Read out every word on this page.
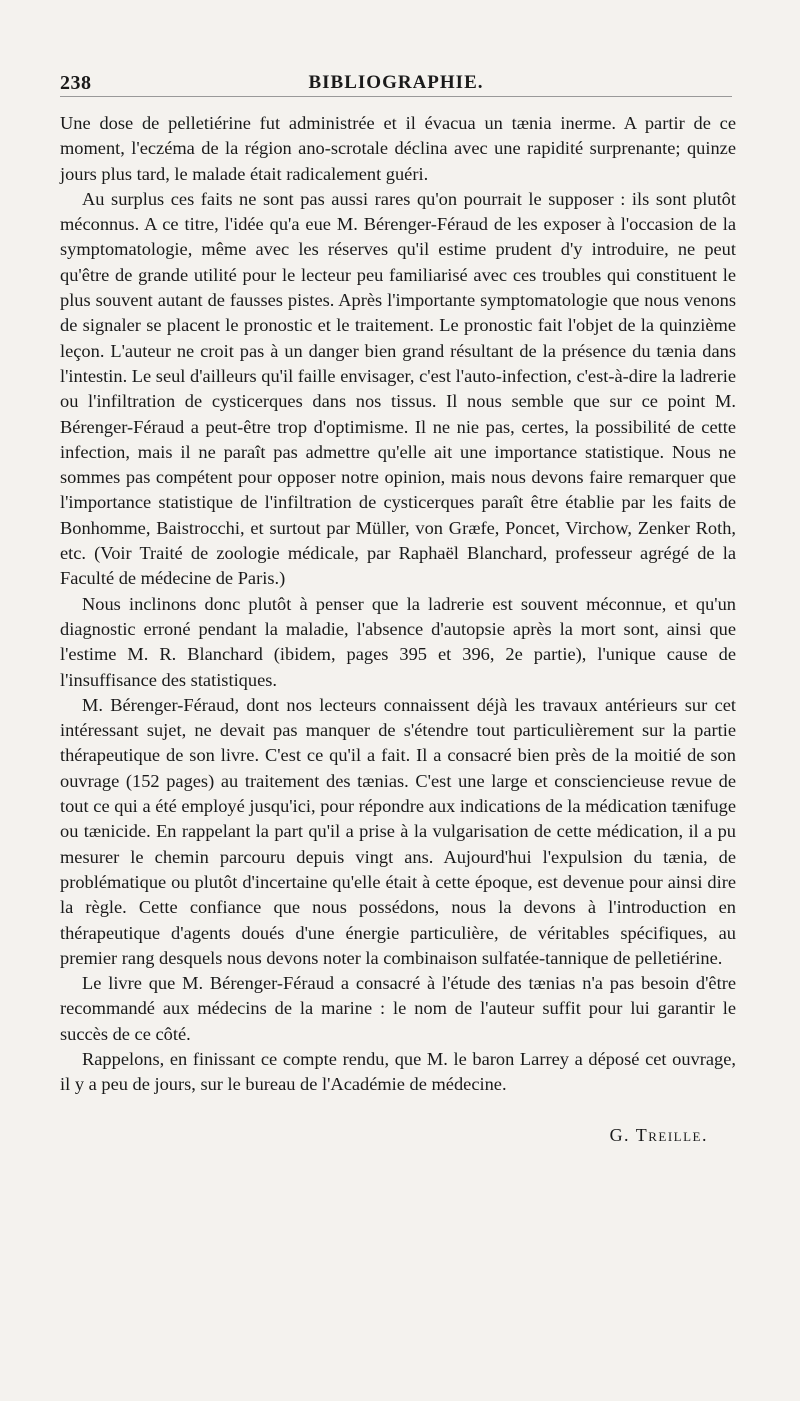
238	BIBLIOGRAPHIE.

Une dose de pelletiérine fut administrée et il évacua un tænia inerme. A partir de ce moment, l'eczéma de la région ano-scrotale déclina avec une rapidité surprenante; quinze jours plus tard, le malade était radicalement guéri.

Au surplus ces faits ne sont pas aussi rares qu'on pourrait le supposer : ils sont plutôt méconnus. A ce titre, l'idée qu'a eue M. Bérenger-Féraud de les exposer à l'occasion de la symptomatologie, même avec les réserves qu'il estime prudent d'y introduire, ne peut qu'être de grande utilité pour le lecteur peu familiarisé avec ces troubles qui constituent le plus souvent autant de fausses pistes. Après l'importante symptomatologie que nous venons de signaler se placent le pronostic et le traitement. Le pronostic fait l'objet de la quinzième leçon. L'auteur ne croit pas à un danger bien grand résultant de la présence du tænia dans l'intestin. Le seul d'ailleurs qu'il faille envisager, c'est l'auto-infection, c'est-à-dire la ladrerie ou l'infiltration de cysticerques dans nos tissus. Il nous semble que sur ce point M. Bérenger-Féraud a peut-être trop d'optimisme. Il ne nie pas, certes, la possibilité de cette infection, mais il ne paraît pas admettre qu'elle ait une importance statistique. Nous ne sommes pas compétent pour opposer notre opinion, mais nous devons faire remarquer que l'importance statistique de l'infiltration de cysticerques paraît être établie par les faits de Bonhomme, Baistrocchi, et surtout par Müller, von Græfe, Poncet, Virchow, Zenker Roth, etc. (Voir Traité de zoologie médicale, par Raphaël Blanchard, professeur agrégé de la Faculté de médecine de Paris.)

Nous inclinons donc plutôt à penser que la ladrerie est souvent méconnue, et qu'un diagnostic erroné pendant la maladie, l'absence d'autopsie après la mort sont, ainsi que l'estime M. R. Blanchard (ibidem, pages 395 et 396, 2e partie), l'unique cause de l'insuffisance des statistiques.

M. Bérenger-Féraud, dont nos lecteurs connaissent déjà les travaux antérieurs sur cet intéressant sujet, ne devait pas manquer de s'étendre tout particulièrement sur la partie thérapeutique de son livre. C'est ce qu'il a fait. Il a consacré bien près de la moitié de son ouvrage (152 pages) au traitement des tænias. C'est une large et consciencieuse revue de tout ce qui a été employé jusqu'ici, pour répondre aux indications de la médication tænifuge ou tænicide. En rappelant la part qu'il a prise à la vulgarisation de cette médication, il a pu mesurer le chemin parcouru depuis vingt ans. Aujourd'hui l'expulsion du tænia, de problématique ou plutôt d'incertaine qu'elle était à cette époque, est devenue pour ainsi dire la règle. Cette confiance que nous possédons, nous la devons à l'introduction en thérapeutique d'agents doués d'une énergie particulière, de véritables spécifiques, au premier rang desquels nous devons noter la combinaison sulfatée-tannique de pelletiérine.

Le livre que M. Bérenger-Féraud a consacré à l'étude des tænias n'a pas besoin d'être recommandé aux médecins de la marine : le nom de l'auteur suffit pour lui garantir le succès de ce côté.

Rappelons, en finissant ce compte rendu, que M. le baron Larrey a déposé cet ouvrage, il y a peu de jours, sur le bureau de l'Académie de médecine.

G. Treille.
